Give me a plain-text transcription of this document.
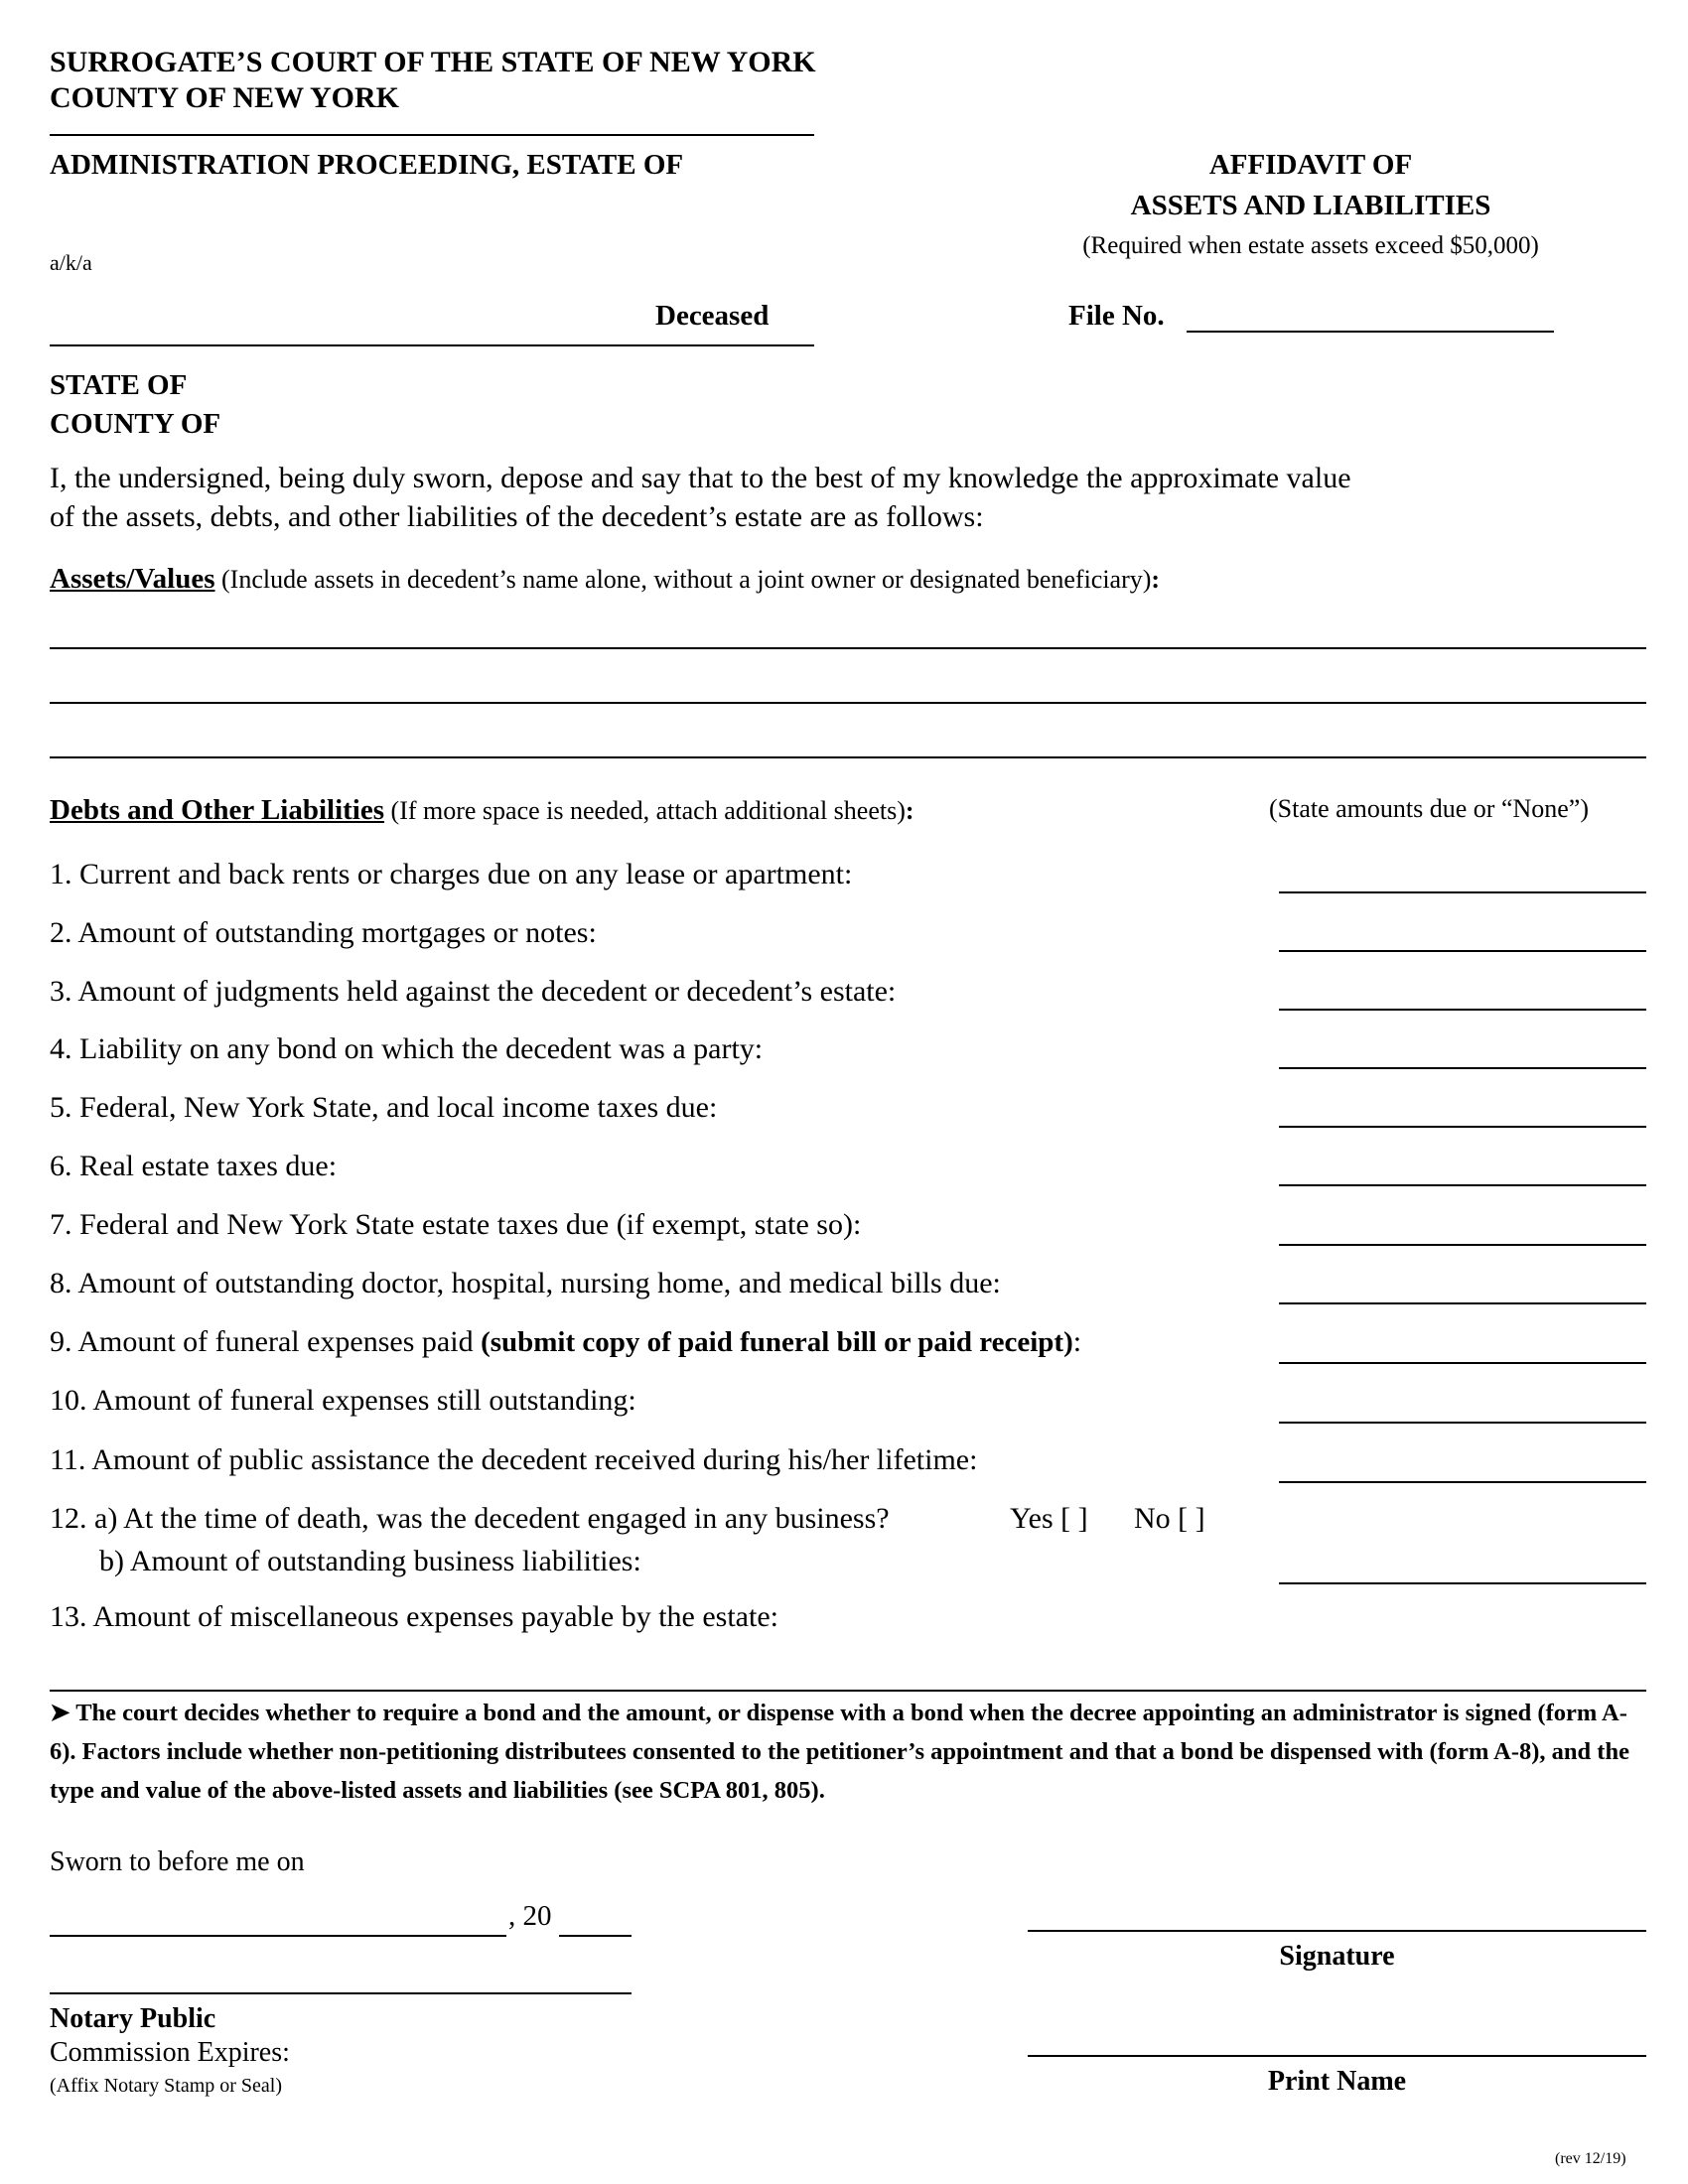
SURROGATE’S COURT OF THE STATE OF NEW YORK
COUNTY OF NEW YORK
ADMINISTRATION PROCEEDING, ESTATE OF
a/k/a
Deceased
AFFIDAVIT OF
ASSETS AND LIABILITIES
(Required when estate assets exceed $50,000)
File No.
STATE OF
COUNTY OF
I, the undersigned, being duly sworn, depose and say that to the best of my knowledge the approximate value
of the assets, debts, and other liabilities of the decedent’s estate are as follows:
Assets/Values (Include assets in decedent’s name alone, without a joint owner or designated beneficiary):
Debts and Other Liabilities (If more space is needed, attach additional sheets):	(State amounts due or “None”)
1. Current and back rents or charges due on any lease or apartment:
2. Amount of outstanding mortgages or notes:
3. Amount of judgments held against the decedent or decedent’s estate:
4. Liability on any bond on which the decedent was a party:
5. Federal, New York State, and local income taxes due:
6. Real estate taxes due:
7. Federal and New York State estate taxes due (if exempt, state so):
8. Amount of outstanding doctor, hospital, nursing home, and medical bills due:
9. Amount of funeral expenses paid (submit copy of paid funeral bill or paid receipt):
10. Amount of funeral expenses still outstanding:
11. Amount of public assistance the decedent received during his/her lifetime:
12. a) At the time of death, was the decedent engaged in any business?	Yes [ ] No [ ]
b) Amount of outstanding business liabilities:
13. Amount of miscellaneous expenses payable by the estate:
➤ The court decides whether to require a bond and the amount, or dispense with a bond when the decree appointing an administrator is signed (form A-6). Factors include whether non-petitioning distributees consented to the petitioner’s appointment and that a bond be dispensed with (form A-8), and the type and value of the above-listed assets and liabilities (see SCPA 801, 805).
Sworn to before me on
, 20
Notary Public
Commission Expires:
(Affix Notary Stamp or Seal)
Signature
Print Name
(rev 12/19)
